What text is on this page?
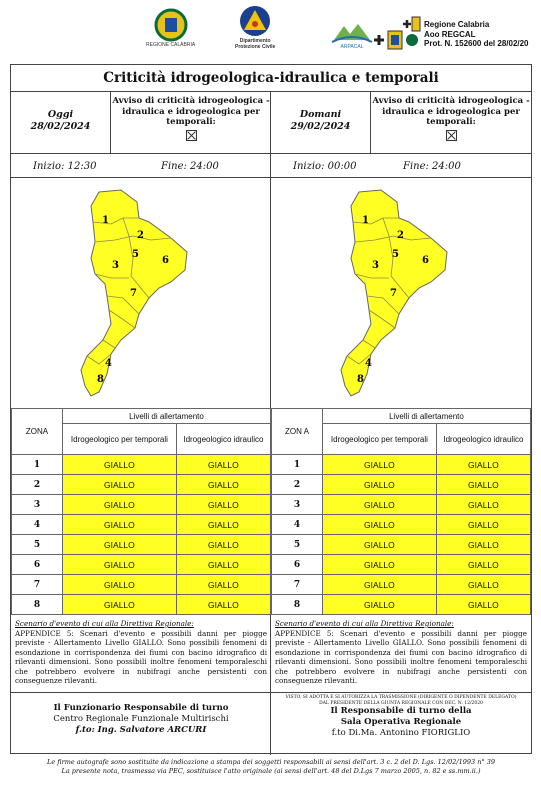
REGIONE CALABRIA
Dipartimento
Protezione Civile	ARPACAL
Regione Calabria
Aoo REGCAL
Prot. N. 152600 del 28/02/20
Criticità idrogeologica-idraulica e temporali
Oggi
28/02/2024
Avviso di criticità idrogeologica - idraulica e idrogeologica per temporali:
Inizio: 12:30	Fine: 24:00
Domani
29/02/2024
Avviso di criticità idrogeologica - idraulica e idrogeologica per temporali:
Inizio: 00:00	Fine: 24:00
1
2
3
4
5
6
7
8
1
2
3
4
5
6
7
8
ZONA	Livelli di allertamento	
	Idrogeologico per temporali	Idrogeologico idraulico
1	GIALLO	GIALLO
2	GIALLO	GIALLO
3	GIALLO	GIALLO
4	GIALLO	GIALLO
5	GIALLO	GIALLO
6	GIALLO	GIALLO
7	GIALLO	GIALLO
8	GIALLO	GIALLO
ZON A	Livelli di allertamento	
	Idrogeologico per temporali	Idrogeologico idraulico
1	GIALLO	GIALLO
2	GIALLO	GIALLO
3	GIALLO	GIALLO
4	GIALLO	GIALLO
5	GIALLO	GIALLO
6	GIALLO	GIALLO
7	GIALLO	GIALLO
8	GIALLO	GIALLO
Scenario d'evento di cui alla Direttiva Regionale:
APPENDICE 5: Scenari d'evento e possibili danni per piogge previste - Allertamento Livello GIALLO. Sono possibili fenomeni di esondazione in corrispondenza dei fiumi con bacino idrografico di rilevanti dimensioni. Sono possibili inoltre fenomeni temporaleschi che potrebbero evolvere in nubifragi anche persistenti con conseguenze rilevanti.
Scenario d'evento di cui alla Direttiva Regionale:
APPENDICE 5: Scenari d'evento e possibili danni per piogge previste - Allertamento Livello GIALLO. Sono possibili fenomeni di esondazione in corrispondenza dei fiumi con bacino idrografico di rilevanti dimensioni. Sono possibili inoltre fenomeni temporaleschi che potrebbero evolvere in nubifragi anche persistenti con conseguenze rilevanti.
Il Funzionario Responsabile di turno
Centro Regionale Funzionale Multirischi
f.to: Ing. Salvatore ARCURI
VISTO, SI ADOTTA E SI AUTORIZZA LA TRASMISSIONE (DIRIGENTE O DIPENDENTE DELEGATO) DAL PRESIDENTE DELLA GIUNTA REGIONALE CON DEC. N. 12/2020
Il Responsabile di turno della
Sala Operativa Regionale
f.to Di.Ma. Antonino FIORIGLIO
Le firme autografe sono sostituite da indicazione a stampa dei soggetti responsabili ai sensi dell'art. 3 c. 2 del D. Lgs. 12/02/1993 n° 39
La presente nota, trasmessa via PEC, sostituisce l'atto originale (ai sensi dell'art. 48 del D.Lgs 7 marzo 2005, n. 82 e ss.mm.ii.)
